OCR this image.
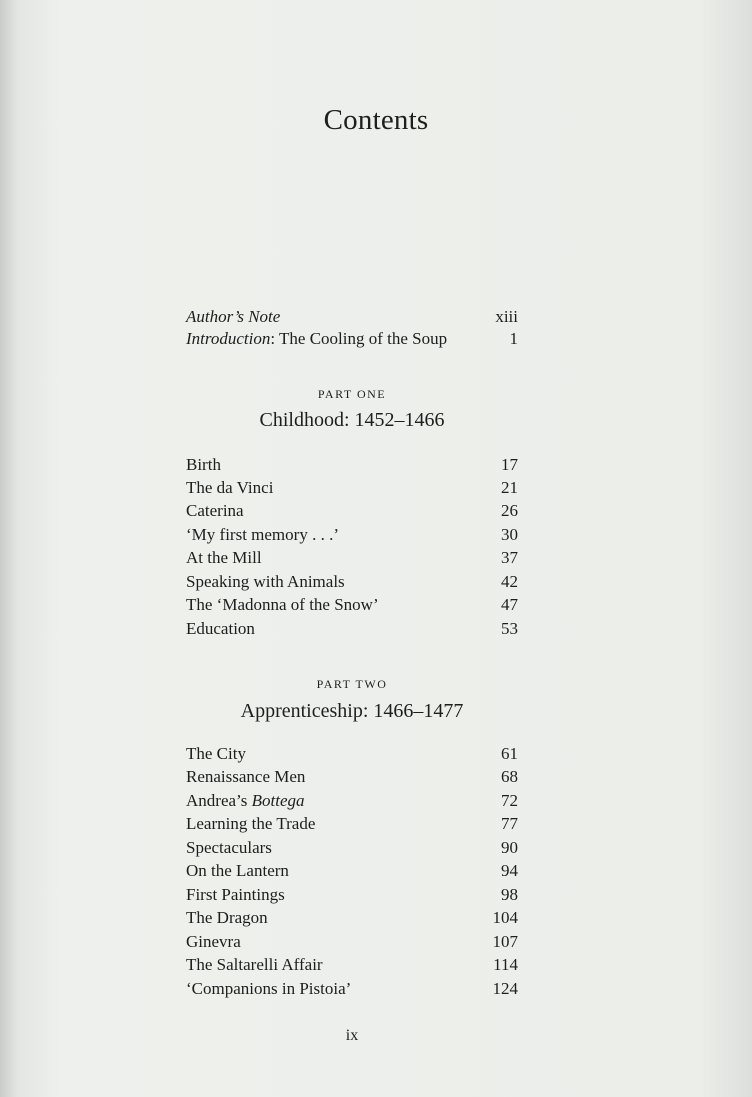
Contents
Author’s Note	xiii
Introduction: The Cooling of the Soup	1
PART ONE
Childhood: 1452–1466
Birth	17
The da Vinci	21
Caterina	26
‘My first memory . . .’	30
At the Mill	37
Speaking with Animals	42
The ‘Madonna of the Snow’	47
Education	53
PART TWO
Apprenticeship: 1466–1477
The City	61
Renaissance Men	68
Andrea’s Bottega	72
Learning the Trade	77
Spectaculars	90
On the Lantern	94
First Paintings	98
The Dragon	104
Ginevra	107
The Saltarelli Affair	114
‘Companions in Pistoia’	124
ix
